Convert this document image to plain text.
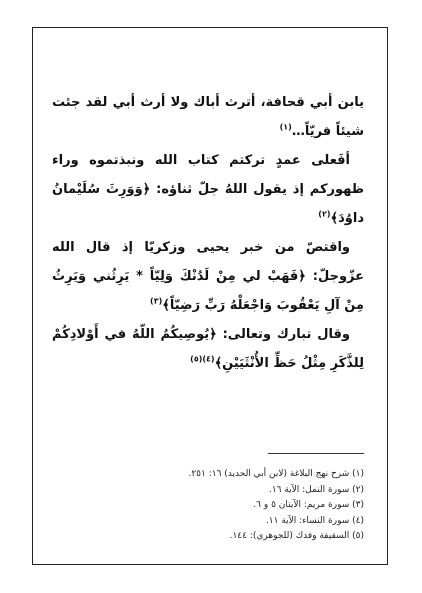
يابن أبي قحافة، أترث أباك ولا أرث أبي لقد جئت شيئاً فريّاً…$^{(١)}$

أفَعلى عمدٍ تركتم كتاب الله ونبذتموه وراء ظهوركم إذ يقول اللهُ جلّ ثناؤه: ﴿وَوَرِثَ سُلَيْمانُ داوُدَ﴾$^{(٢)}$

واقتصّ من خبر يحيى وزكريّا إذ قال الله عزّوجلّ: ﴿فَهَبْ لي مِنْ لَدُنْكَ وَلِيّاً * يَرِثُني وَيَرِثُ مِنْ آلِ يَعْقُوبَ وَاجْعَلْهُ رَبِّ رَضِيّاً﴾$^{(٣)}$

وقال تبارك وتعالى: ﴿يُوصِيكُمُ اللّهُ في أَوْلادِكُمْ لِلذَّكَرِ مِثْلُ حَظِّ الأُنْثَيَيْنِ﴾$^{(٤)(٥)}$

(١) شرح نهج البلاغة (لابن أبي الحديد) ١٦: ٢٥١.

(٢) سورة النمل: الآية ١٦.

(٣) سورة مريم: الآيتان ٥ و ٦.

(٤) سورة النساء: الآية ١١.

(٥) السقيفة وفدك (للجوهري): ١٤٤.
